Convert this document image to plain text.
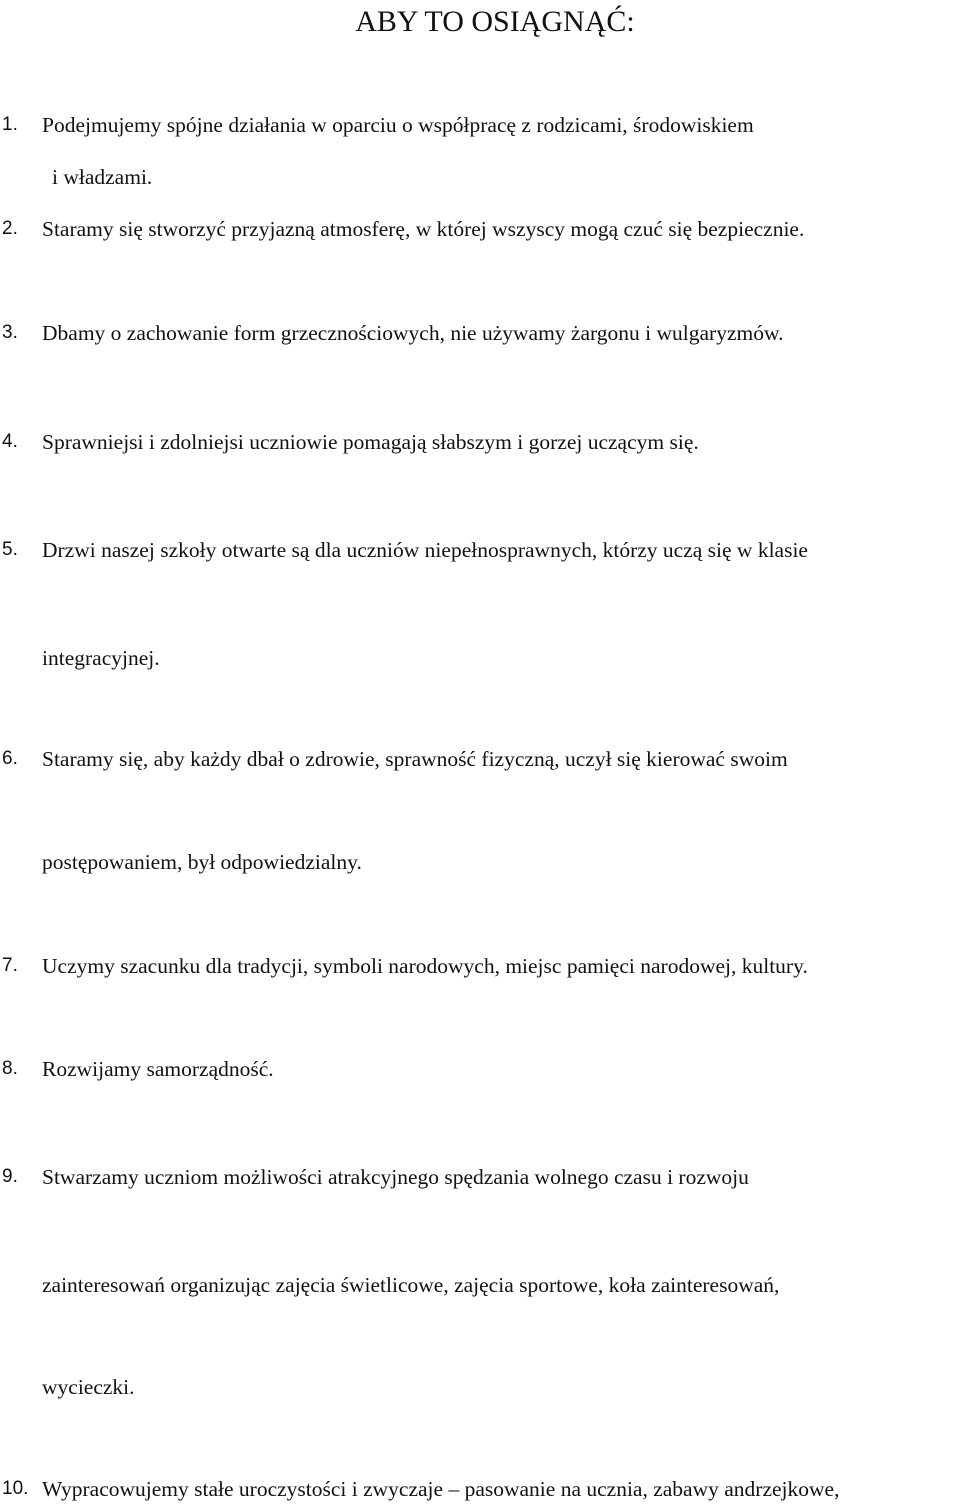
ABY TO OSIĄGNĄĆ:
1. Podejmujemy spójne działania w oparciu o współpracę z rodzicami, środowiskiem
i władzami.
2. Staramy się stworzyć przyjazną atmosferę, w której wszyscy mogą czuć się bezpiecznie.
3. Dbamy o zachowanie form grzecznościowych, nie używamy żargonu i wulgaryzmów.
4. Sprawniejsi i zdolniejsi uczniowie pomagają słabszym i gorzej uczącym się.
5. Drzwi naszej szkoły otwarte są dla uczniów niepełnosprawnych, którzy uczą się w klasie
integracyjnej.
6. Staramy się, aby każdy dbał o zdrowie, sprawność fizyczną, uczył się kierować swoim
postępowaniem, był odpowiedzialny.
7. Uczymy szacunku dla tradycji, symboli narodowych, miejsc pamięci narodowej, kultury.
8. Rozwijamy samorządność.
9. Stwarzamy uczniom możliwości atrakcyjnego spędzania wolnego czasu i rozwoju
zainteresowań organizując zajęcia świetlicowe, zajęcia sportowe, koła zainteresowań,
wycieczki.
10. Wypracowujemy stałe uroczystości i zwyczaje – pasowanie na ucznia, zabawy andrzejkowe,
